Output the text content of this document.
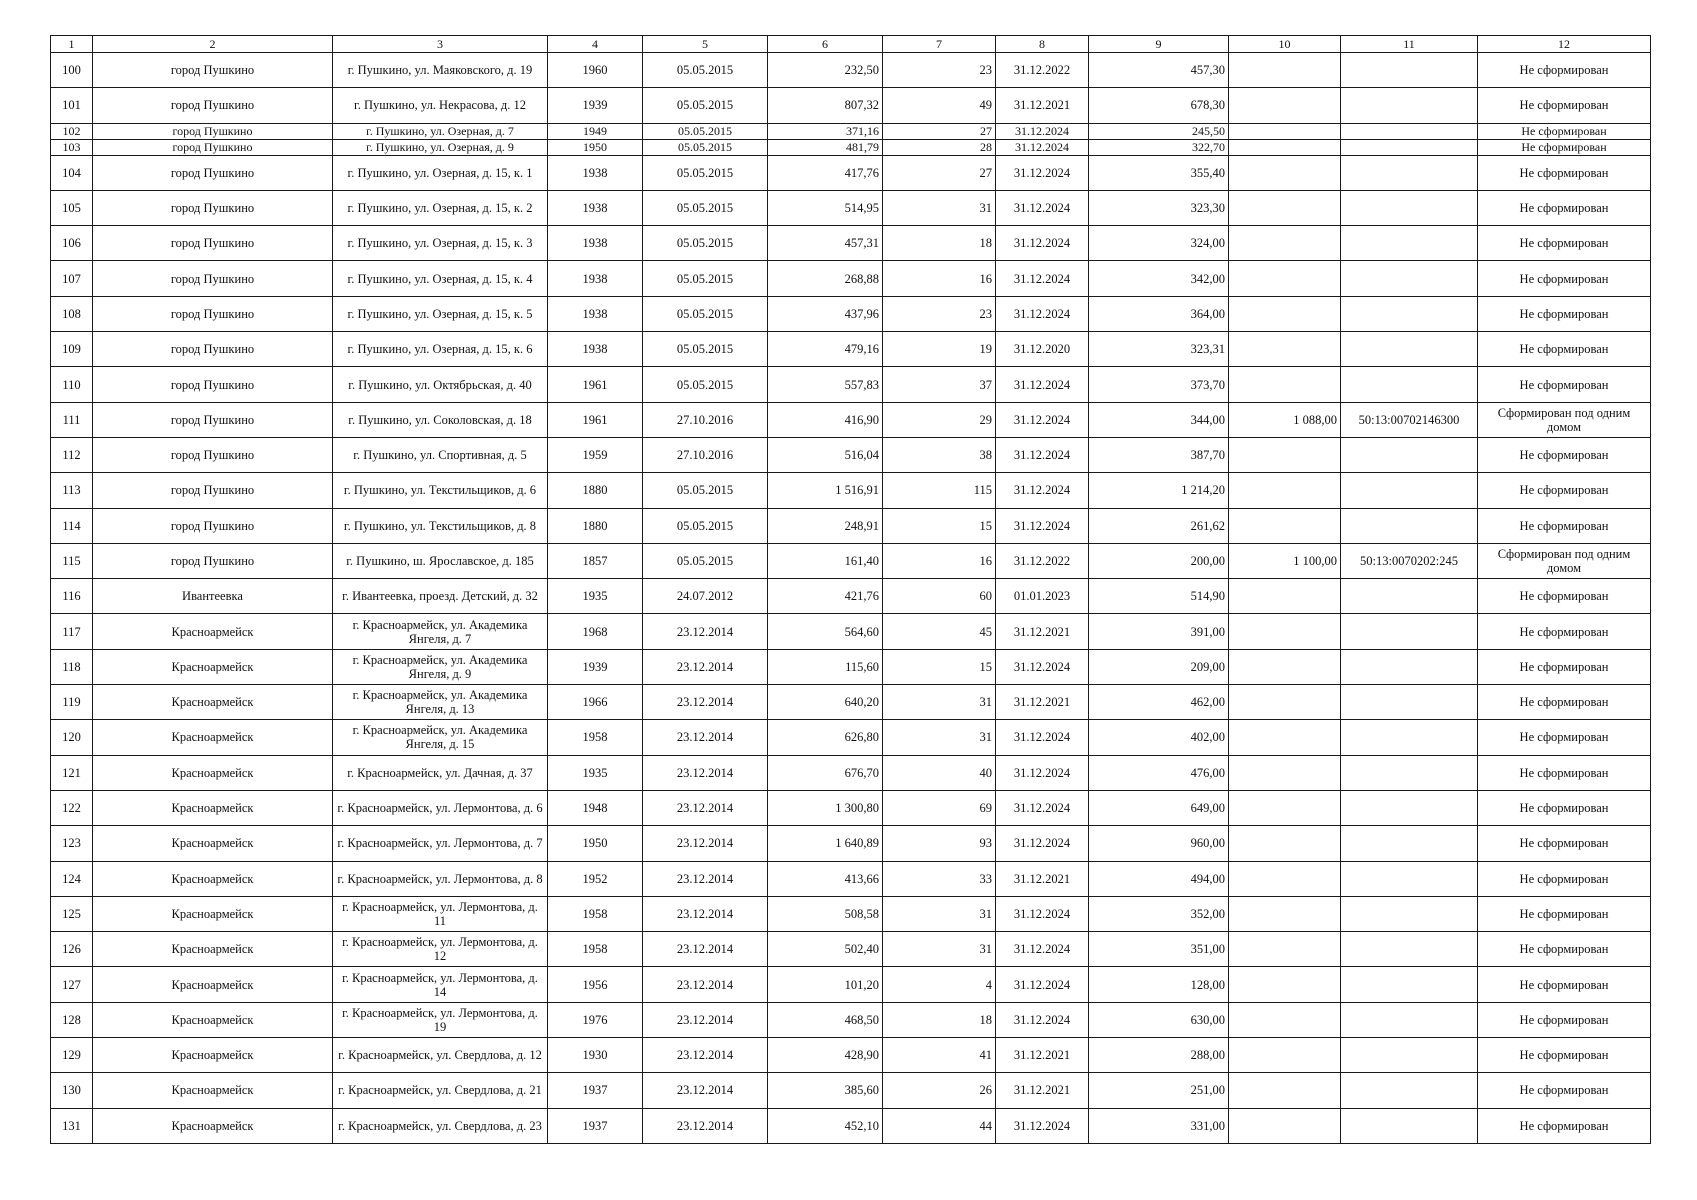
1	2	3	4	5	6	7	8	9	10	11	12
100	город Пушкино	г. Пушкино, ул. Маяковского, д. 19	1960	05.05.2015	232,50	23	31.12.2022	457,30			Не сформирован
101	город Пушкино	г. Пушкино, ул. Некрасова, д. 12	1939	05.05.2015	807,32	49	31.12.2021	678,30			Не сформирован
102	город Пушкино	г. Пушкино, ул. Озерная, д. 7	1949	05.05.2015	371,16	27	31.12.2024	245,50			Не сформирован
103	город Пушкино	г. Пушкино, ул. Озерная, д. 9	1950	05.05.2015	481,79	28	31.12.2024	322,70			Не сформирован
104	город Пушкино	г. Пушкино, ул. Озерная, д. 15, к. 1	1938	05.05.2015	417,76	27	31.12.2024	355,40			Не сформирован
105	город Пушкино	г. Пушкино, ул. Озерная, д. 15, к. 2	1938	05.05.2015	514,95	31	31.12.2024	323,30			Не сформирован
106	город Пушкино	г. Пушкино, ул. Озерная, д. 15, к. 3	1938	05.05.2015	457,31	18	31.12.2024	324,00			Не сформирован
107	город Пушкино	г. Пушкино, ул. Озерная, д. 15, к. 4	1938	05.05.2015	268,88	16	31.12.2024	342,00			Не сформирован
108	город Пушкино	г. Пушкино, ул. Озерная, д. 15, к. 5	1938	05.05.2015	437,96	23	31.12.2024	364,00			Не сформирован
109	город Пушкино	г. Пушкино, ул. Озерная, д. 15, к. 6	1938	05.05.2015	479,16	19	31.12.2020	323,31			Не сформирован
110	город Пушкино	г. Пушкино, ул. Октябрьская, д. 40	1961	05.05.2015	557,83	37	31.12.2024	373,70			Не сформирован
111	город Пушкино	г. Пушкино, ул. Соколовская, д. 18	1961	27.10.2016	416,90	29	31.12.2024	344,00	1 088,00	50:13:00702146300	Сформирован под одним домом
112	город Пушкино	г. Пушкино, ул. Спортивная, д. 5	1959	27.10.2016	516,04	38	31.12.2024	387,70			Не сформирован
113	город Пушкино	г. Пушкино, ул. Текстильщиков, д. 6	1880	05.05.2015	1 516,91	115	31.12.2024	1 214,20			Не сформирован
114	город Пушкино	г. Пушкино, ул. Текстильщиков, д. 8	1880	05.05.2015	248,91	15	31.12.2024	261,62			Не сформирован
115	город Пушкино	г. Пушкино, ш. Ярославское, д. 185	1857	05.05.2015	161,40	16	31.12.2022	200,00	1 100,00	50:13:0070202:245	Сформирован под одним домом
116	Ивантеевка	г. Ивантеевка, проезд. Детский, д. 32	1935	24.07.2012	421,76	60	01.01.2023	514,90			Не сформирован
117	Красноармейск	г. Красноармейск, ул. Академика Янгеля, д. 7	1968	23.12.2014	564,60	45	31.12.2021	391,00			Не сформирован
118	Красноармейск	г. Красноармейск, ул. Академика Янгеля, д. 9	1939	23.12.2014	115,60	15	31.12.2024	209,00			Не сформирован
119	Красноармейск	г. Красноармейск, ул. Академика Янгеля, д. 13	1966	23.12.2014	640,20	31	31.12.2021	462,00			Не сформирован
120	Красноармейск	г. Красноармейск, ул. Академика Янгеля, д. 15	1958	23.12.2014	626,80	31	31.12.2024	402,00			Не сформирован
121	Красноармейск	г. Красноармейск, ул. Дачная, д. 37	1935	23.12.2014	676,70	40	31.12.2024	476,00			Не сформирован
122	Красноармейск	г. Красноармейск, ул. Лермонтова, д. 6	1948	23.12.2014	1 300,80	69	31.12.2024	649,00			Не сформирован
123	Красноармейск	г. Красноармейск, ул. Лермонтова, д. 7	1950	23.12.2014	1 640,89	93	31.12.2024	960,00			Не сформирован
124	Красноармейск	г. Красноармейск, ул. Лермонтова, д. 8	1952	23.12.2014	413,66	33	31.12.2021	494,00			Не сформирован
125	Красноармейск	г. Красноармейск, ул. Лермонтова, д. 11	1958	23.12.2014	508,58	31	31.12.2024	352,00			Не сформирован
126	Красноармейск	г. Красноармейск, ул. Лермонтова, д. 12	1958	23.12.2014	502,40	31	31.12.2024	351,00			Не сформирован
127	Красноармейск	г. Красноармейск, ул. Лермонтова, д. 14	1956	23.12.2014	101,20	4	31.12.2024	128,00			Не сформирован
128	Красноармейск	г. Красноармейск, ул. Лермонтова, д. 19	1976	23.12.2014	468,50	18	31.12.2024	630,00			Не сформирован
129	Красноармейск	г. Красноармейск, ул. Свердлова, д. 12	1930	23.12.2014	428,90	41	31.12.2021	288,00			Не сформирован
130	Красноармейск	г. Красноармейск, ул. Свердлова, д. 21	1937	23.12.2014	385,60	26	31.12.2021	251,00			Не сформирован
131	Красноармейск	г. Красноармейск, ул. Свердлова, д. 23	1937	23.12.2014	452,10	44	31.12.2024	331,00			Не сформирован
